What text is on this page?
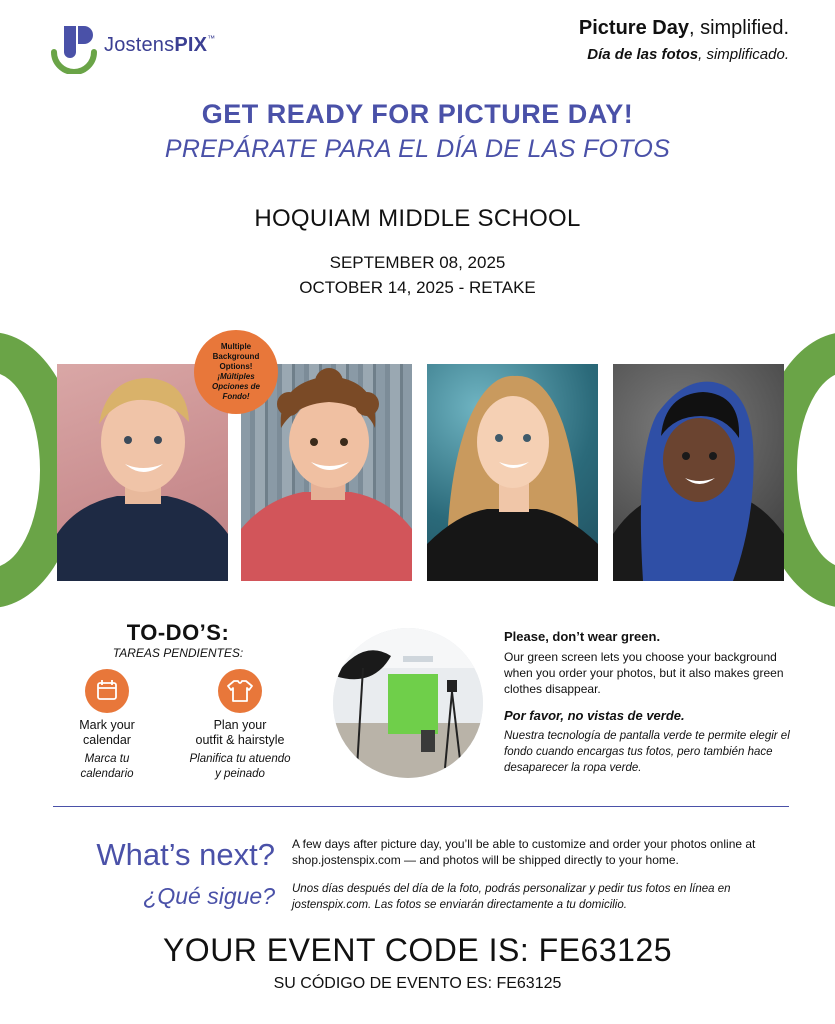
JostensPIX™	Picture Day, simplified.
Día de las fotos, simplificado.
GET READY FOR PICTURE DAY!
PREPÁRATE PARA EL DÍA DE LAS FOTOS
HOQUIAM MIDDLE SCHOOL
SEPTEMBER 08, 2025
OCTOBER 14, 2025 - RETAKE
Multiple Background Options!
¡Múltiples Opciones de Fondo!
TO-DO’S:
TAREAS PENDIENTES:
Mark your
calendar
Plan your
outfit & hairstyle
Marca tu
calendario
Planifica tu atuendo
y peinado
Please, don’t wear green.
Our green screen lets you choose your background when you order your photos, but it also makes green clothes disappear.
Por favor, no vistas de verde.
Nuestra tecnología de pantalla verde te permite elegir el fondo cuando encargas tus fotos, pero también hace desaparecer la ropa verde.
What’s next?
¿Qué sigue?
A few days after picture day, you’ll be able to customize and order your photos online at shop.jostenspix.com — and photos will be shipped directly to your home.
Unos días después del día de la foto, podrás personalizar y pedir tus fotos en línea en jostenspix.com. Las fotos se enviarán directamente a tu domicilio.
YOUR EVENT CODE IS: FE63125
SU CÓDIGO DE EVENTO ES: FE63125
